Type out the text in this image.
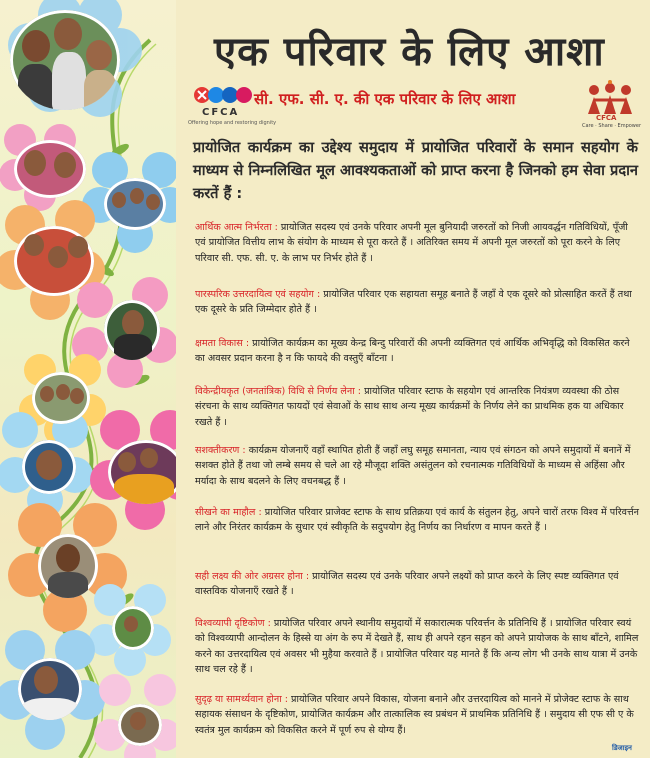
एक परिवार के लिए आशा
CFCA
Offering hope and restoring dignity
सी. एफ. सी. ए. की एक परिवार के लिए आशा
CFCA
Care · Share · Empower
प्रायोजित कार्यक्रम का उद्देश्य समुदाय में प्रायोजित परिवारों के समान सहयोग के माध्यम से निम्नलिखित मूल आवश्यकताओं को प्राप्त करना है जिनको हम सेवा प्रदान करतें हैं :
आर्थिक आत्म निर्भरता : प्रायोजित सदस्य एवं उनके परिवार अपनी मूल बुनियादी जरुरतों को निजी आयवर्द्धन गतिविधियों, पूँजी एवं प्रायोजित वित्तीय लाभ के संयोग के माध्यम से पूरा करते हैं । अतिरिक्त समय में अपनी मूल जरुरतों को पूरा करने के लिए परिवार सी. एफ. सी. ए. के लाभ पर निर्भर होते हैं ।
पारस्परिक उत्तरदायित्व एवं सहयोग : प्रायोजित परिवार एक सहायता समूह बनाते हैं जहाँ वे एक दूसरे को प्रोत्साहित करतें हैं तथा एक दूसरे के प्रति जिम्मेदार होते हैं ।
क्षमता विकास : प्रायोजित कार्यक्रम का मूख्य केन्द्र बिन्दु परिवारों की अपनी व्यक्तिगत एवं आर्थिक अभिवृद्धि को विकसित करने का अवसर प्रदान करना है न कि फायदे की वस्तुएँ बाँटना ।
विकेन्द्रीयकृत (जनतांत्रिक) विधि से निर्णय लेना : प्रायोजित परिवार स्टाफ के सहयोग एवं आन्तरिक नियंत्रण व्यवस्था की ठोस संरचना के साथ व्यक्तिगत फायदों एवं सेवाओं के साथ साथ अन्य मूख्य कार्यक्रमों के निर्णय लेने का प्राथमिक हक या अधिकार रखते हैं ।
सशक्तीकरण : कार्यक्रम योजनाएँ वहाँ स्थापित होती हैं जहाँ लघु समूह समानता, न्याय एवं संगठन को अपने समुदायों में बनानें में सशक्त होते हैं तथा जो लम्बे समय से चले आ रहे मौजूदा शक्ति असंतुलन को रचनात्मक गतिविधियों के माध्यम से अहिंसा और मर्यादा के साथ बदलने के लिए वचनबद्ध हैं ।
सीखने का माहौल : प्रायोजित परिवार प्राजेक्ट स्टाफ के साथ प्रतिक्रया एवं कार्य के संतुलन हेतु, अपने चारों तरफ विश्व में परिवर्त्तन लाने और निरंतर कार्यक्रम के सुधार एवं स्वीकृति के सदुपयोग हेतु निर्णय का निर्धारण व मापन करते हैं ।
सही लक्ष्य की ओर अग्रसर होना : प्रायोजित सदस्य एवं उनके परिवार अपने लक्ष्यों को प्राप्त करने के लिए स्पष्ट व्यक्तिगत एवं वास्तविक योजनाएँ रखते हैं ।
विश्वव्यापी दृष्टिकोण : प्रायोजित परिवार अपने स्थानीय समुदायों में सकारात्मक परिवर्त्तन के प्रतिनिधि हैं । प्रायोजित परिवार स्वयं को विश्वव्यापी आन्दोलन के हिस्से या अंग के रुप में देखते हैं, साथ ही अपने रहन सहन को अपने प्रायोजक के साथ बाँटने, शामिल करने का उत्तरदायित्व एवं अवसर भी मुहैया करवाते हैं । प्रायोजित परिवार यह मानते हैं कि अन्य लोग भी उनके साथ यात्रा में उनके साथ चल रहे हैं ।
सुदृढ़ या सामर्थ्यवान होना : प्रायोजित परिवार अपने विकास, योजना बनाने और उत्तरदायित्व को मानने में प्रोजेक्ट स्टाफ के साथ सहायक संसाधन के दृष्टिकोण, प्रायोजित कार्यक्रम और तात्कालिक स्व प्रबंधन में प्राथमिक प्रतिनिधि हैं । समुदाय सी एफ सी ए के स्वतंत्र मुल कार्यक्रम को विकसित करने में पूर्ण रुप से योग्य हैं।
डिजाइन
